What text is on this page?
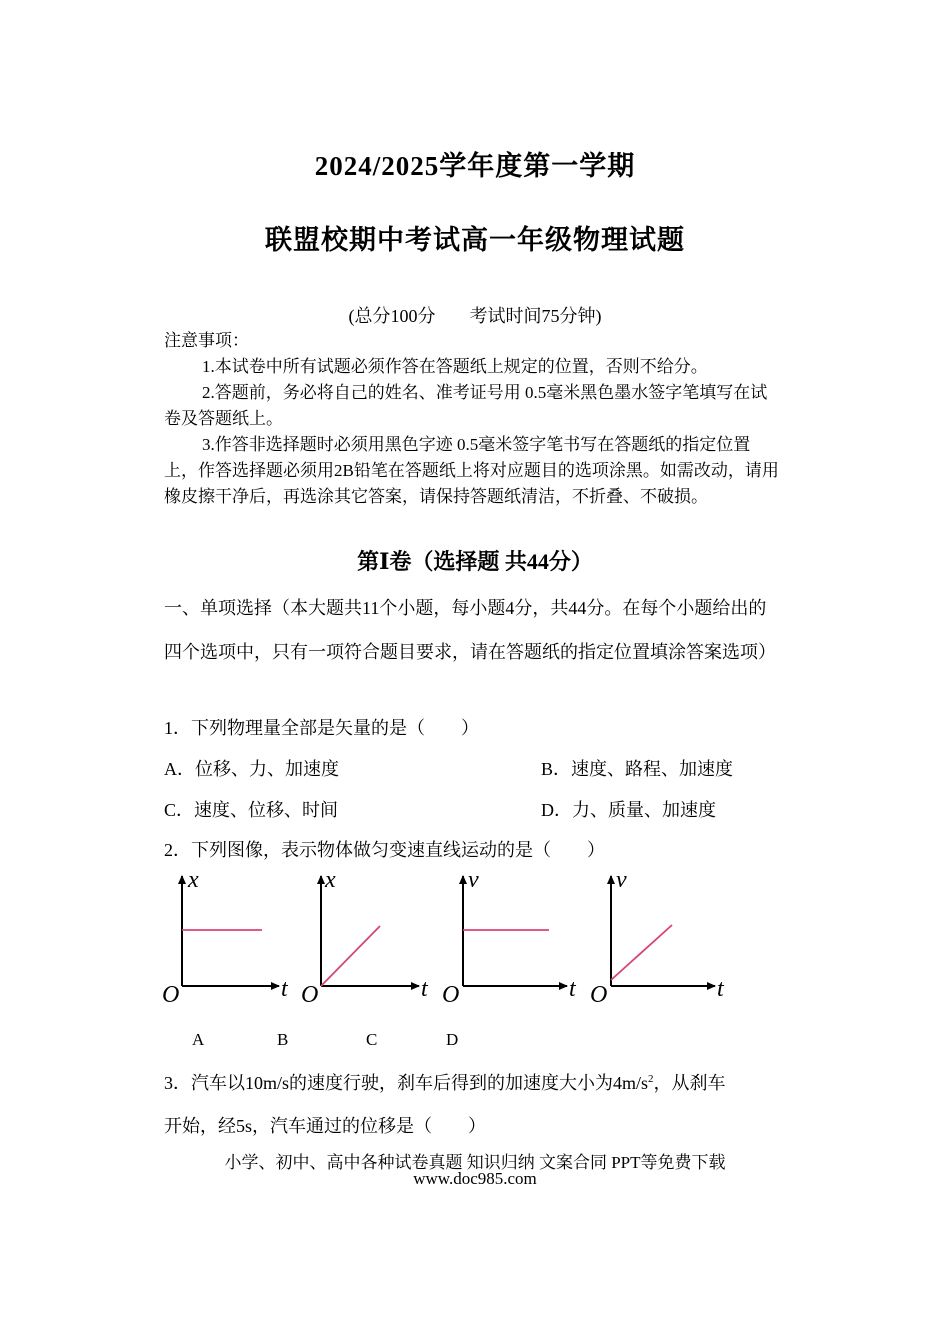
2024/2025学年度第一学期
联盟校期中考试高一年级物理试题
(总分100分 考试时间75分钟)

注意事项：

1.本试卷中所有试题必须作答在答题纸上规定的位置，否则不给分。

2.答题前，务必将自己的姓名、准考证号用 0.5毫米黑色墨水签字笔填写在试卷及答题纸上。

3.作答非选择题时必须用黑色字迹 0.5毫米签字笔书写在答题纸的指定位置上，作答选择题必须用2B铅笔在答题纸上将对应题目的选项涂黑。如需改动，请用橡皮擦干净后，再选涂其它答案，请保持答题纸清洁，不折叠、不破损。

第Ⅰ卷（选择题 共44分）
一、单项选择（本大题共11个小题，每小题4分，共44分。在每个小题给出的四个选项中，只有一项符合题目要求，请在答题纸的指定位置填涂答案选项）
1．下列物理量全部是矢量的是（　　）
A．位移、力、加速度	B．速度、路程、加速度
C．速度、位移、时间	D．力、质量、加速度
2．下列图像，表示物体做匀变速直线运动的是（　　）
x
t
O
x
t
O
v
t
O
v
t
O
A	B	C	D
3．汽车以10m/s的速度行驶，刹车后得到的加速度大小为$4m/s^2$，从刹车
开始，经5s，汽车通过的位移是（　　）
小学、初中、高中各种试卷真题 知识归纳 文案合同 PPT等免费下载
www.doc985.com
